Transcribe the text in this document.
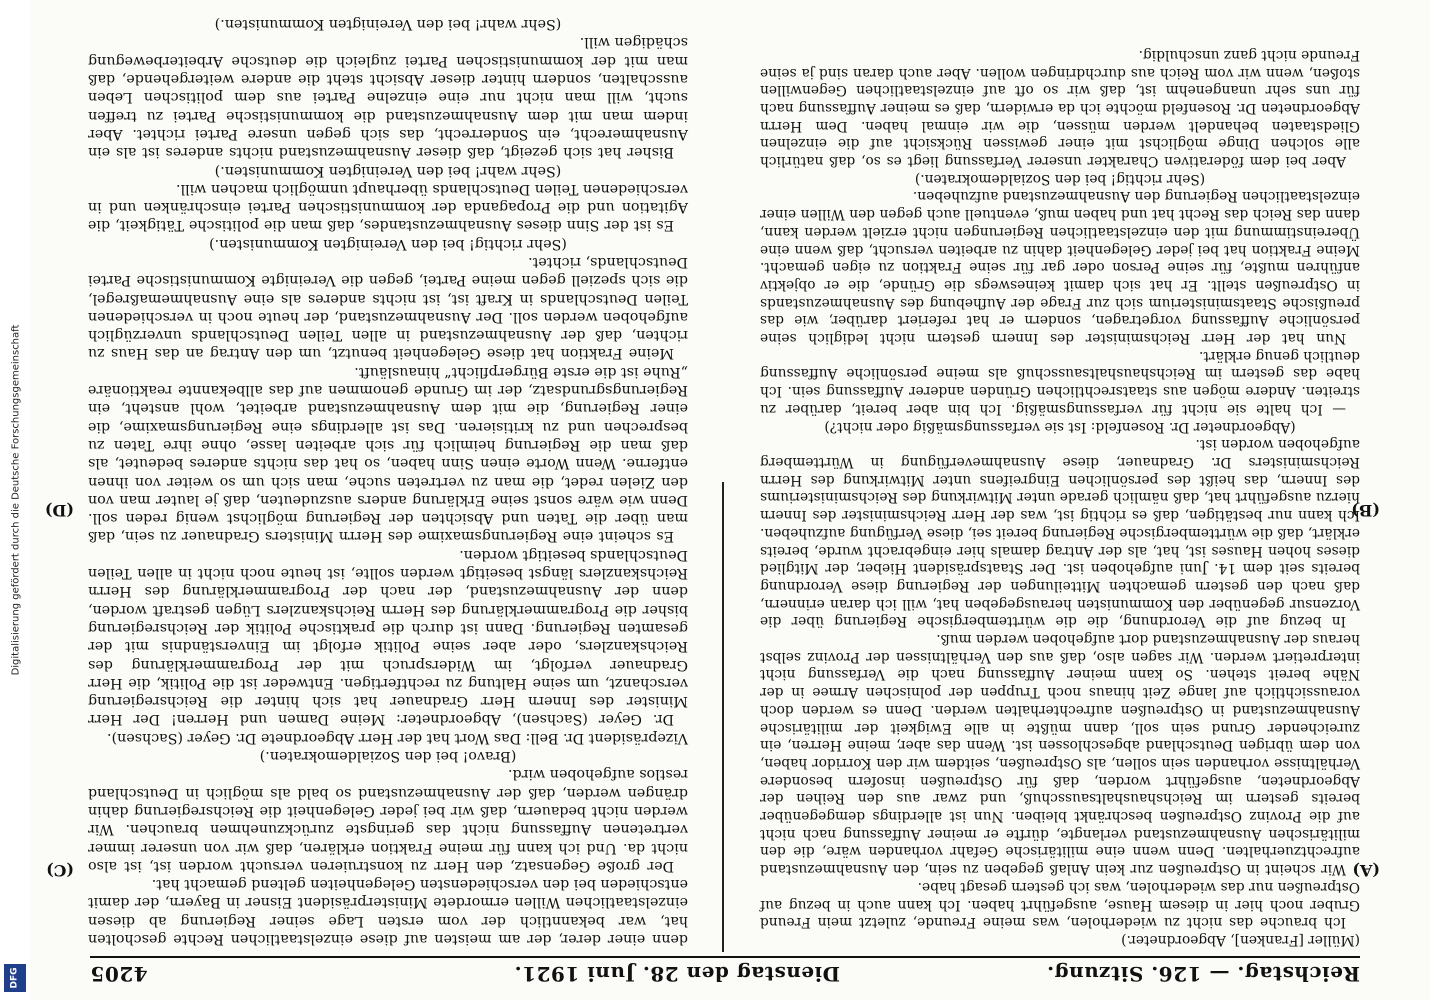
Reichstag. — 126. Sitzung.
Dienstag den 28. Juni 1921.
4205
(A)
(B)
(C)
(D)

(Müller [Franken], Abgeordneter.)

Ich brauche das nicht zu wiederholen, was meine Freunde, zuletzt mein Freund Gruber noch hier in diesem Hause, ausgeführt haben. Ich kann auch in bezug auf Ostpreußen nur das wiederholen, was ich gestern gesagt habe.

Wir scheint in Ostpreußen zur kein Anlaß gegeben zu sein, den Ausnahmezustand aufrechtzuerhalten. Denn wenn eine militärische Gefahr vorhanden wäre, die den militärischen Ausnahmezustand verlangte, dürfte er meiner Auffassung nach nicht auf die Provinz Ostpreußen beschränkt bleiben. Nun ist allerdings demgegenüber bereits gestern im Reichshaushaltsausschuß, und zwar aus den Reihen der Abgeordneten, ausgeführt worden, daß für Ostpreußen insofern besondere Verhältnisse vorhanden sein sollen, als Ostpreußen, seitdem wir den Korridor haben, von dem übrigen Deutschland abgeschlossen ist. Wenn das aber, meine Herren, ein zureichender Grund sein soll, dann müßte in alle Ewigkeit der militärische Ausnahmezustand in Ostpreußen aufrechterhalten werden. Denn es werden doch voraussichtlich auf lange Zeit hinaus noch Truppen der polnischen Armee in der Nähe bereit stehen. So kann meiner Auffassung nach die Verfassung nicht interpretiert werden. Wir sagen also, daß aus den Verhältnissen der Provinz selbst heraus der Ausnahmezustand dort aufgehoben werden muß.

In bezug auf die Verordnung, die die württembergische Regierung über die Vorzensur gegenüber den Kommunisten herausgegeben hat, will ich daran erinnern, daß nach den gestern gemachten Mitteilungen der Regierung diese Verordnung bereits seit dem 14. Juni aufgehoben ist. Der Staatspräsident Hieber, der Mitglied dieses hohen Hauses ist, hat, als der Antrag damals hier eingebracht wurde, bereits erklärt, daß die württembergische Regierung bereit sei, diese Verfügung aufzuheben. Ich kann nur bestätigen, daß es richtig ist, was der Herr Reichsminister des Innern hierzu ausgeführt hat, daß nämlich gerade unter Mitwirkung des Reichsministeriums des Innern, das heißt des persönlichen Eingreifens unter Mitwirkung des Herrn Reichsministers Dr. Gradnauer, diese Ausnahmeverfügung in Württemberg aufgehoben worden ist.

(Abgeordneter Dr. Rosenfeld: Ist sie verfassungsmäßig oder nicht?)

— Ich halte sie nicht für verfassungsmäßig. Ich bin aber bereit, darüber zu streiten. Andere mögen aus staatsrechtlichen Gründen anderer Auffassung sein. Ich habe das gestern im Reichshaushaltsausschuß als meine persönliche Auffassung deutlich genug erklärt.

Nun hat der Herr Reichsminister des Innern gestern nicht lediglich seine persönliche Auffassung vorgetragen, sondern er hat referiert darüber, wie das preußische Staatsministerium sich zur Frage der Aufhebung des Ausnahmezustands in Ostpreußen stellt. Er hat sich damit keineswegs die Gründe, die er objektiv anführen mußte, für seine Person oder gar für seine Fraktion zu eigen gemacht. Meine Fraktion hat bei jeder Gelegenheit dahin zu arbeiten versucht, daß wenn eine Übereinstimmung mit den einzelstaatlichen Regierungen nicht erzielt werden kann, dann das Reich das Recht hat und haben muß, eventuell auch gegen den Willen einer einzelstaatlichen Regierung den Ausnahmezustand aufzuheben.

(Sehr richtig! bei den Sozialdemokraten.)

Aber bei dem föderativen Charakter unserer Verfassung liegt es so, daß natürlich alle solchen Dinge möglichst mit einer gewissen Rücksicht auf die einzelnen Gliedstaaten behandelt werden müssen, die wir einmal haben. Dem Herrn Abgeordneten Dr. Rosenfeld möchte ich da erwidern, daß es meiner Auffassung nach für uns sehr unangenehm ist, daß wir so oft auf einzelstaatlichen Gegenwillen stoßen, wenn wir vom Reich aus durchdringen wollen. Aber auch daran sind ja seine Freunde nicht ganz unschuldig.

denn einer derer, der am meisten auf diese einzelstaatlichen Rechte gescholten hat, war bekanntlich der vom ersten Lage seiner Regierung ab diesen einzelstaatlichen Willen ermordete Ministerpräsident Eisner in Bayern, der damit entschieden bei den verschiedensten Gelegenheiten geltend gemacht hat.

Der große Gegensatz, den Herr zu konstruieren versucht worden ist, ist also nicht da. Und ich kann für meine Fraktion erklären, daß wir von unserer immer vertretenen Auffassung nicht das geringste zurückzunehmen brauchen. Wir werden nicht bedauern, daß wir bei jeder Gelegenheit die Reichsregierung dahin drängen werden, daß der Ausnahmezustand so bald als möglich in Deutschland restlos aufgehoben wird.

(Bravo! bei den Sozialdemokraten.)

Vizepräsident Dr. Bell: Das Wort hat der Herr Abgeordnete Dr. Geyer (Sachsen).

Dr. Geyer (Sachsen), Abgeordneter: Meine Damen und Herren! Der Herr Minister des Innern Herr Gradnauer hat sich hinter die Reichsregierung verschanzt, um seine Haltung zu rechtfertigen. Entweder ist die Politik, die Herr Gradnauer verfolgt, im Widerspruch mit der Programmerklärung des Reichskanzlers, oder aber seine Politik erfolgt im Einverständnis mit der gesamten Regierung. Dann ist durch die praktische Politik der Reichsregierung bisher die Programmerklärung des Herrn Reichskanzlers Lügen gestraft worden, denn der Ausnahmezustand, der nach der Programmerklärung des Herrn Reichskanzlers längst beseitigt werden sollte, ist heute noch nicht in allen Teilen Deutschlands beseitigt worden.

Es scheint eine Regierungsmaxime des Herrn Ministers Gradnauer zu sein, daß man über die Taten und Absichten der Regierung möglichst wenig reden soll. Denn wie wäre sonst seine Erklärung anders auszudeuten, daß je lauter man von den Zielen redet, die man zu vertreten suche, man sich um so weiter von ihnen entferne. Wenn Worte einen Sinn haben, so hat das nichts anderes bedeutet, als daß man die Regierung heimlich für sich arbeiten lasse, ohne ihre Taten zu besprechen und zu kritisieren. Das ist allerdings eine Regierungsmaxime, die einer Regierung, die mit dem Ausnahmezustand arbeitet, wohl ansteht, ein Regierungsgrundsatz, der im Grunde genommen auf das allbekannte reaktionäre „Ruhe ist die erste Bürgerpflicht“ hinausläuft.

Meine Fraktion hat diese Gelegenheit benutzt, um den Antrag an das Haus zu richten, daß der Ausnahmezustand in allen Teilen Deutschlands unverzüglich aufgehoben werden soll. Der Ausnahmezustand, der heute noch in verschiedenen Teilen Deutschlands in Kraft ist, ist nichts anderes als eine Ausnahmemaßregel, die sich speziell gegen meine Partei, gegen die Vereinigte Kommunistische Partei Deutschlands, richtet.

(Sehr richtig! bei den Vereinigten Kommunisten.)

Es ist der Sinn dieses Ausnahmezustandes, daß man die politische Tätigkeit, die Agitation und die Propaganda der kommunistischen Partei einschränken und in verschiedenen Teilen Deutschlands überhaupt unmöglich machen will.

(Sehr wahr! bei den Vereinigten Kommunisten.)

Bisher hat sich gezeigt, daß dieser Ausnahmezustand nichts anderes ist als ein Ausnahmerecht, ein Sonderrecht, das sich gegen unsere Partei richtet. Aber indem man mit dem Ausnahmezustand die kommunistische Partei zu treffen sucht, will man nicht nur eine einzelne Partei aus dem politischen Leben ausschalten, sondern hinter dieser Absicht steht die andere weitergehende, daß man mit der kommunistischen Partei zugleich die deutsche Arbeiterbewegung schädigen will.

(Sehr wahr! bei den Vereinigten Kommunisten.)

Digitalisierung gefördert durch die Deutsche Forschungsgemeinschaft
DFG
